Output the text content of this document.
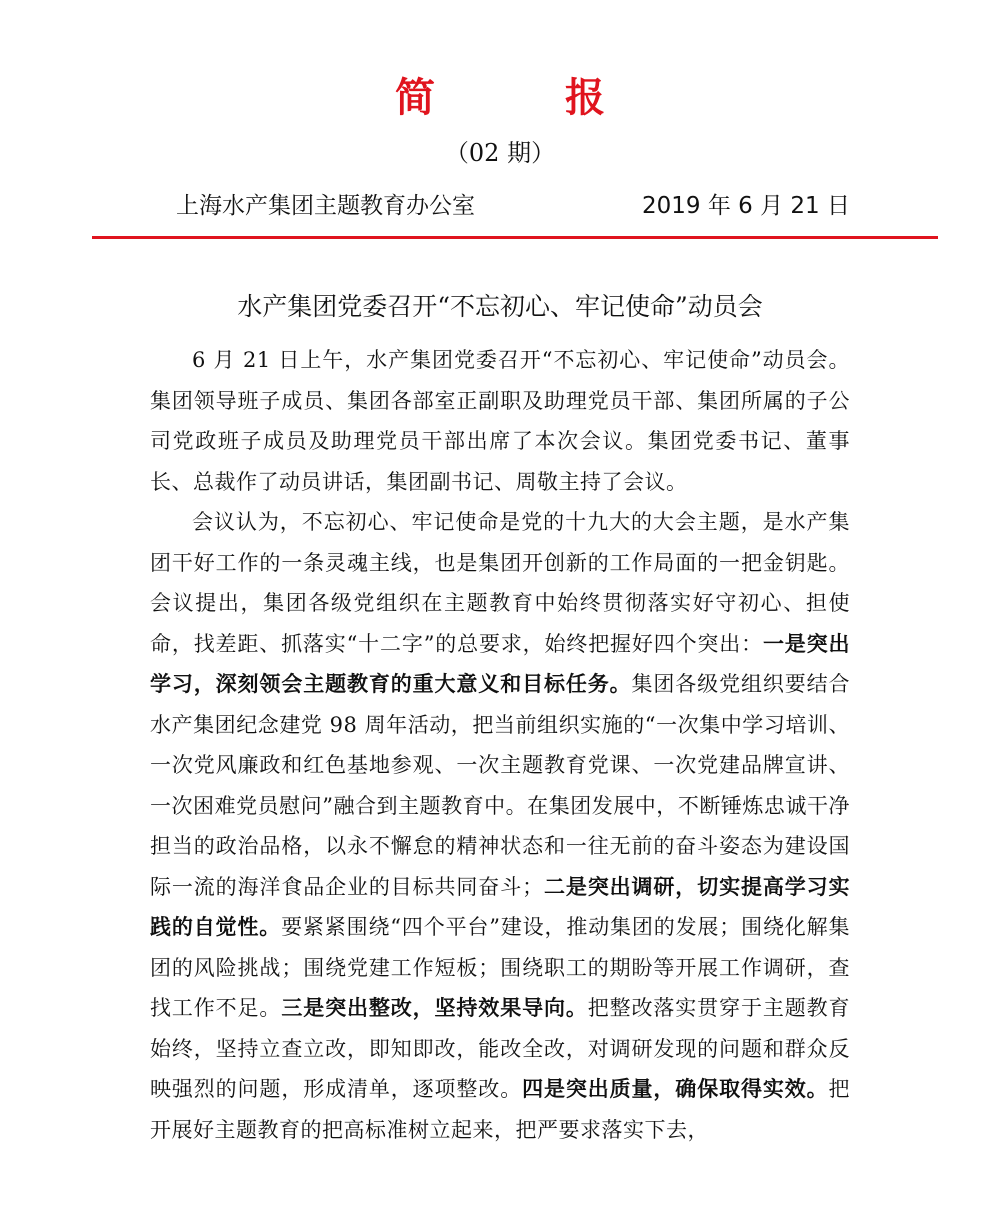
简 报
（02 期）
上海水产集团主题教育办公室	2019 年 6 月 21 日
水产集团党委召开“不忘初心、牢记使命”动员会

6 月 21 日上午，水产集团党委召开“不忘初心、牢记使命”动员会。集团领导班子成员、集团各部室正副职及助理党员干部、集团所属的子公司党政班子成员及助理党员干部出席了本次会议。集团党委书记、董事长、总裁作了动员讲话，集团副书记、周敬主持了会议。

会议认为，不忘初心、牢记使命是党的十九大的大会主题，是水产集团干好工作的一条灵魂主线，也是集团开创新的工作局面的一把金钥匙。会议提出，集团各级党组织在主题教育中始终贯彻落实好守初心、担使命，找差距、抓落实“十二字”的总要求，始终把握好四个突出：一是突出学习，深刻领会主题教育的重大意义和目标任务。集团各级党组织要结合水产集团纪念建党 98 周年活动，把当前组织实施的“一次集中学习培训、一次党风廉政和红色基地参观、一次主题教育党课、一次党建品牌宣讲、一次困难党员慰问”融合到主题教育中。在集团发展中，不断锤炼忠诚干净担当的政治品格，以永不懈怠的精神状态和一往无前的奋斗姿态为建设国际一流的海洋食品企业的目标共同奋斗；二是突出调研，切实提高学习实践的自觉性。要紧紧围绕“四个平台”建设，推动集团的发展；围绕化解集团的风险挑战；围绕党建工作短板；围绕职工的期盼等开展工作调研，查找工作不足。三是突出整改，坚持效果导向。把整改落实贯穿于主题教育始终，坚持立查立改，即知即改，能改全改，对调研发现的问题和群众反映强烈的问题，形成清单，逐项整改。四是突出质量，确保取得实效。把开展好主题教育的把高标准树立起来，把严要求落实下去，
